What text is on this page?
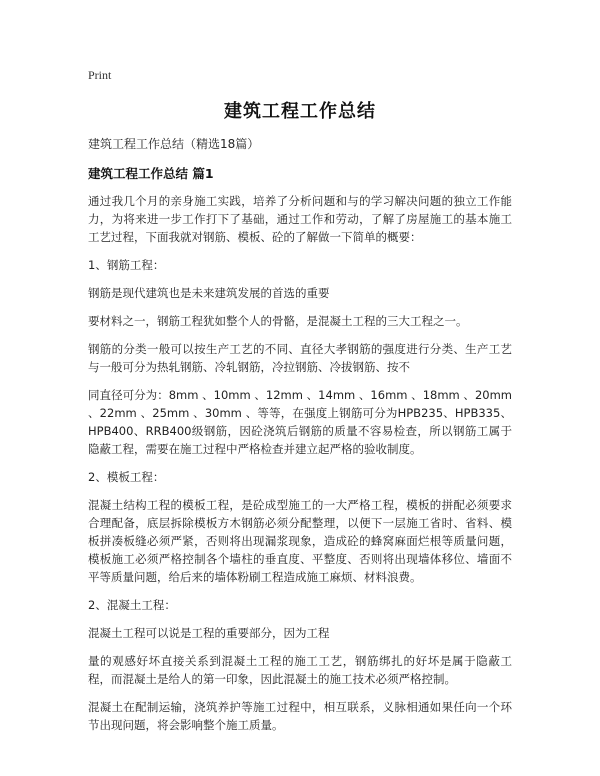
Print
建筑工程工作总结
建筑工程工作总结（精选18篇）
建筑工程工作总结 篇1

通过我几个月的亲身施工实践，培养了分析问题和与的学习解决问题的独立工作能力，为将来进一步工作打下了基础，通过工作和劳动，了解了房屋施工的基本施工工艺过程，下面我就对钢筋、模板、砼的了解做一下简单的概要：

1、钢筋工程：

钢筋是现代建筑也是未来建筑发展的首选的重要

要材料之一，钢筋工程犹如整个人的骨骼，是混凝土工程的三大工程之一。

钢筋的分类一般可以按生产工艺的不同、直径大孝钢筋的强度进行分类、生产工艺与一般可分为热轧钢筋、冷轧钢筋，冷拉钢筋、冷拔钢筋、按不

同直径可分为：8mm 、10mm 、12mm 、14mm 、16mm 、18mm 、20mm 、22mm 、25mm 、30mm 、等等，在强度上钢筋可分为HPB235、HPB335、HPB400、RRB400级钢筋，因砼浇筑后钢筋的质量不容易检查，所以钢筋工属于隐蔽工程，需要在施工过程中严格检查并建立起严格的验收制度。

2、模板工程：

混凝土结构工程的模板工程，是砼成型施工的一大严格工程，模板的拼配必须要求合理配备，底层拆除模板方木钢筋必须分配整理，以便下一层施工省时、省料、模板拼凑板缝必须严紧，否则将出现漏浆现象，造成砼的蜂窝麻面烂根等质量问题，模板施工必须严格控制各个墙柱的垂直度、平整度、否则将出现墙体移位、墙面不平等质量问题，给后来的墙体粉刷工程造成施工麻烦、材料浪费。

2、混凝土工程：

混凝土工程可以说是工程的重要部分，因为工程

量的观感好坏直接关系到混凝土工程的施工工艺，钢筋绑扎的好坏是属于隐蔽工程，而混凝土是给人的第一印象，因此混凝土的施工技术必须严格控制。

混凝土在配制运输，浇筑养护等施工过程中，相互联系，义脉相通如果任向一个环节出现问题，将会影响整个施工质量。
